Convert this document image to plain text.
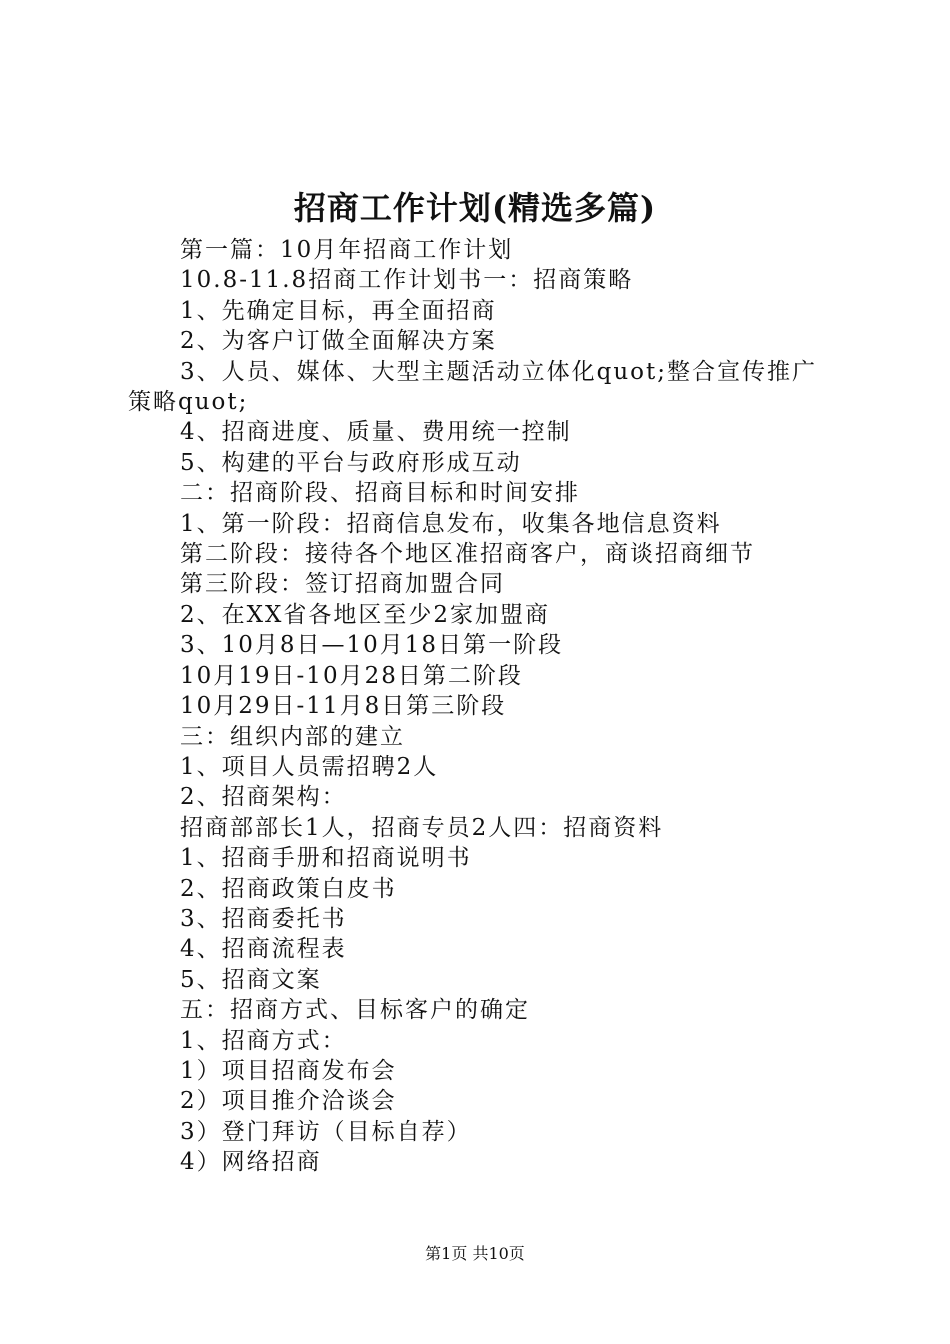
招商工作计划(精选多篇)

第一篇：10月年招商工作计划

10.8-11.8招商工作计划书一：招商策略

1、先确定目标，再全面招商

2、为客户订做全面解决方案

3、人员、媒体、大型主题活动立体化quot;整合宣传推广策略quot;

4、招商进度、质量、费用统一控制

5、构建的平台与政府形成互动

二：招商阶段、招商目标和时间安排

1、第一阶段：招商信息发布，收集各地信息资料

第二阶段：接待各个地区准招商客户，商谈招商细节

第三阶段：签订招商加盟合同

2、在XX省各地区至少2家加盟商

3、10月8日—10月18日第一阶段

10月19日-10月28日第二阶段

10月29日-11月8日第三阶段

三：组织内部的建立

1、项目人员需招聘2人

2、招商架构：

招商部部长1人，招商专员2人四：招商资料

1、招商手册和招商说明书

2、招商政策白皮书

3、招商委托书

4、招商流程表

5、招商文案

五：招商方式、目标客户的确定

1、招商方式：

1）项目招商发布会

2）项目推介洽谈会

3）登门拜访（目标自荐）

4）网络招商

第1页 共10页
